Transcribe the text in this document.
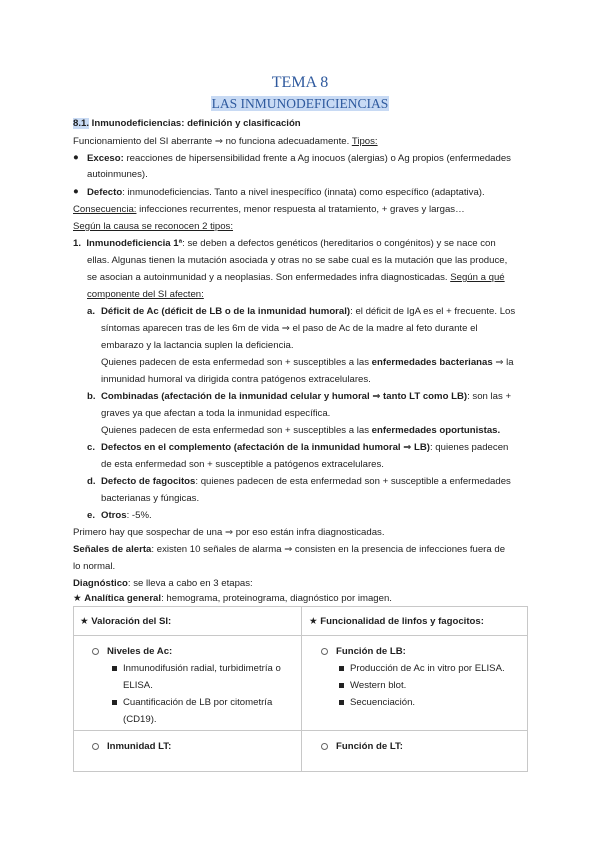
TEMA 8
LAS INMUNODEFICIENCIAS
8.1. Inmunodeficiencias: definición y clasificación
Funcionamiento del SI aberrante ⇒ no funciona adecuadamente. Tipos:
● Exceso: reacciones de hipersensibilidad frente a Ag inocuos (alergias) o Ag propios (enfermedades
autoinmunes).
● Defecto: inmunodeficiencias. Tanto a nivel inespecífico (innata) como específico (adaptativa).
Consecuencia: infecciones recurrentes, menor respuesta al tratamiento, + graves y largas…
Según la causa se reconocen 2 tipos:
1. Inmunodeficiencia 1ª: se deben a defectos genéticos (hereditarios o congénitos) y se nace con
ellas. Algunas tienen la mutación asociada y otras no se sabe cual es la mutación que las produce,
se asocian a autoinmunidad y a neoplasias. Son enfermedades infra diagnosticadas. Según a qué
componente del SI afecten:
a. Déficit de Ac (déficit de LB o de la inmunidad humoral): el déficit de IgA es el + frecuente. Los
síntomas aparecen tras de les 6m de vida ⇒ el paso de Ac de la madre al feto durante el
embarazo y la lactancia suplen la deficiencia.
Quienes padecen de esta enfermedad son + susceptibles a las enfermedades bacterianas ⇒ la
inmunidad humoral va dirigida contra patógenos extracelulares.
b. Combinadas (afectación de la inmunidad celular y humoral ⇒ tanto LT como LB): son las +
graves ya que afectan a toda la inmunidad específica.
Quienes padecen de esta enfermedad son + susceptibles a las enfermedades oportunistas.
c. Defectos en el complemento (afectación de la inmunidad humoral ⇒ LB): quienes padecen
de esta enfermedad son + susceptible a patógenos extracelulares.
d. Defecto de fagocitos: quienes padecen de esta enfermedad son + susceptible a enfermedades
bacterianas y fúngicas.
e. Otros: -5%.
Primero hay que sospechar de una ⇒ por eso están infra diagnosticadas.
Señales de alerta: existen 10 señales de alarma ⇒ consisten en la presencia de infecciones fuera de
lo normal.
Diagnóstico: se lleva a cabo en 3 etapas:
★ Analítica general: hemograma, proteinograma, diagnóstico por imagen.
★ Valoración del SI:	★ Funcionalidad de linfos y fagocitos:
Niveles de Ac:
Inmunodifusión radial, turbidimetría o
ELISA.
Cuantificación de LB por citometría
(CD19).
Función de LB:
Producción de Ac in vitro por ELISA.
Western blot.
Secuenciación.
Inmunidad LT:	Función de LT:
